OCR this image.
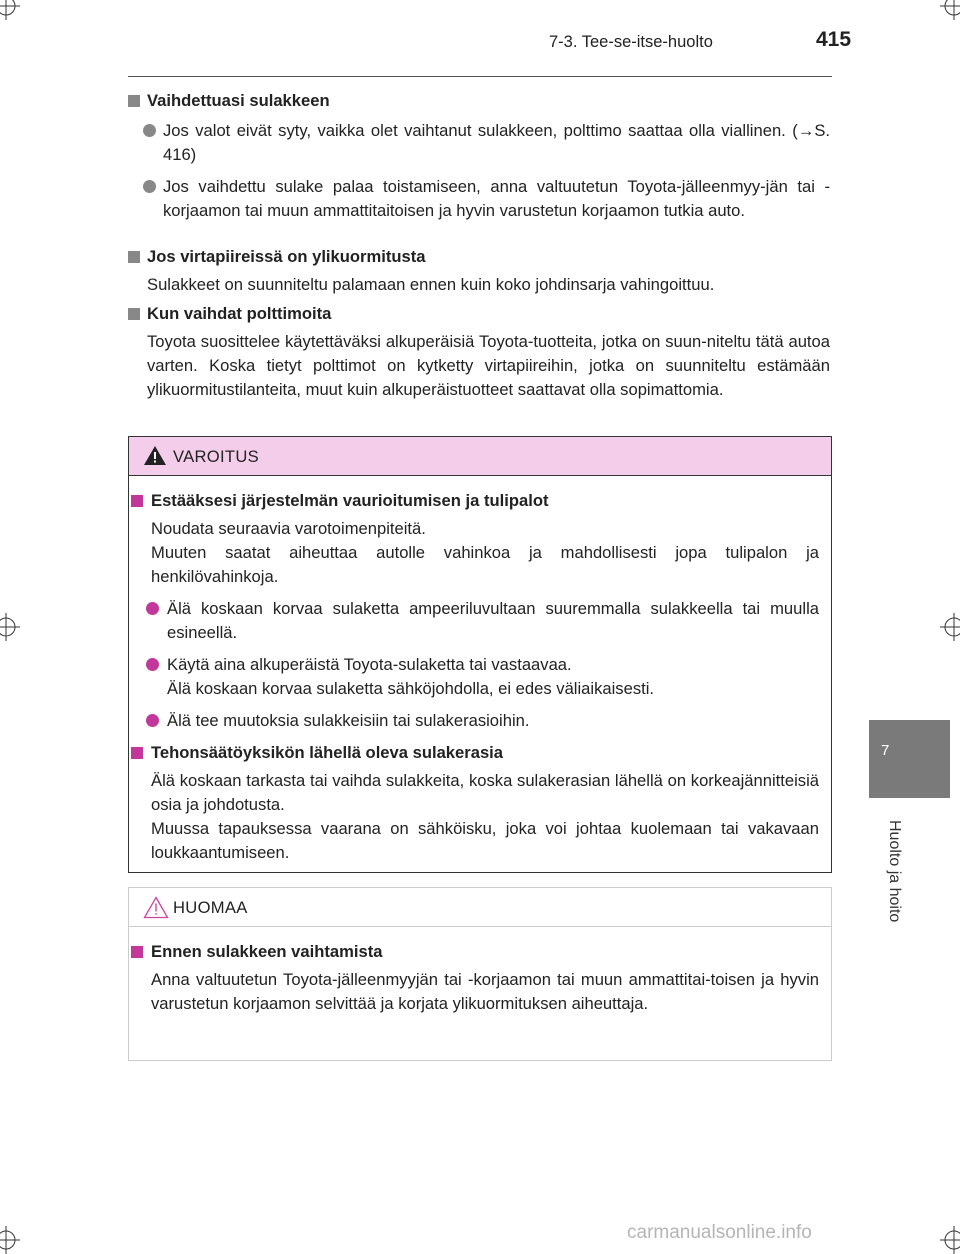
7-3. Tee-se-itse-huolto	415
7
Huolto ja hoito
Vaihdettuasi sulakkeen
Jos valot eivät syty, vaikka olet vaihtanut sulakkeen, polttimo saattaa olla viallinen. (→S. 416)
Jos vaihdettu sulake palaa toistamiseen, anna valtuutetun Toyota-jälleenmyy-jän tai -korjaamon tai muun ammattitaitoisen ja hyvin varustetun korjaamon tutkia auto.
Jos virtapiireissä on ylikuormitusta
Sulakkeet on suunniteltu palamaan ennen kuin koko johdinsarja vahingoittuu.
Kun vaihdat polttimoita
Toyota suosittelee käytettäväksi alkuperäisiä Toyota-tuotteita, jotka on suun-niteltu tätä autoa varten. Koska tietyt polttimot on kytketty virtapiireihin, jotka on suunniteltu estämään ylikuormitustilanteita, muut kuin alkuperäistuotteet saattavat olla sopimattomia.
VAROITUS
Estääksesi järjestelmän vaurioitumisen ja tulipalot
Noudata seuraavia varotoimenpiteitä.
Muuten saatat aiheuttaa autolle vahinkoa ja mahdollisesti jopa tulipalon ja henkilövahinkoja.
Älä koskaan korvaa sulaketta ampeeriluvultaan suuremmalla sulakkeella tai muulla esineellä.
Käytä aina alkuperäistä Toyota-sulaketta tai vastaavaa.
Älä koskaan korvaa sulaketta sähköjohdolla, ei edes väliaikaisesti.
Älä tee muutoksia sulakkeisiin tai sulakerasioihin.
Tehonsäätöyksikön lähellä oleva sulakerasia
Älä koskaan tarkasta tai vaihda sulakkeita, koska sulakerasian lähellä on korkeajännitteisiä osia ja johdotusta.
Muussa tapauksessa vaarana on sähköisku, joka voi johtaa kuolemaan tai vakavaan loukkaantumiseen.
HUOMAA
Ennen sulakkeen vaihtamista
Anna valtuutetun Toyota-jälleenmyyjän tai -korjaamon tai muun ammattitai-toisen ja hyvin varustetun korjaamon selvittää ja korjata ylikuormituksen aiheuttaja.
carmanualsonline.info
